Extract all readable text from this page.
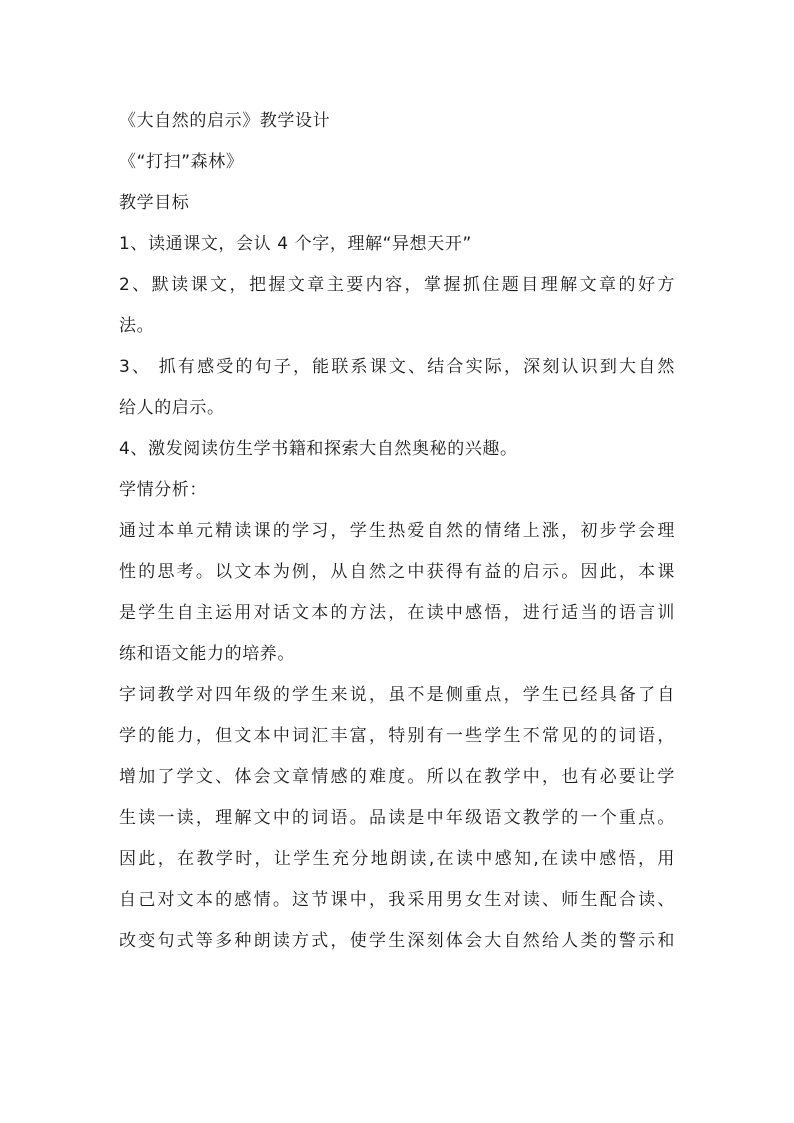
《大自然的启示》教学设计

《“打扫”森林》

教学目标

1、读通课文，会认 4 个字，理解“异想天开”

2、默读课文，把握文章主要内容，掌握抓住题目理解文章的好方

法。

3、 抓有感受的句子，能联系课文、结合实际，深刻认识到大自然

给人的启示。

4、激发阅读仿生学书籍和探索大自然奥秘的兴趣。

学情分析：

通过本单元精读课的学习，学生热爱自然的情绪上涨，初步学会理

性的思考。以文本为例，从自然之中获得有益的启示。因此，本课

是学生自主运用对话文本的方法，在读中感悟，进行适当的语言训

练和语文能力的培养。

字词教学对四年级的学生来说，虽不是侧重点，学生已经具备了自

学的能力，但文本中词汇丰富，特别有一些学生不常见的的词语，

增加了学文、体会文章情感的难度。所以在教学中，也有必要让学

生读一读，理解文中的词语。品读是中年级语文教学的一个重点。

因此，在教学时，让学生充分地朗读,在读中感知,在读中感悟，用

自己对文本的感情。这节课中，我采用男女生对读、师生配合读、

改变句式等多种朗读方式，使学生深刻体会大自然给人类的警示和
